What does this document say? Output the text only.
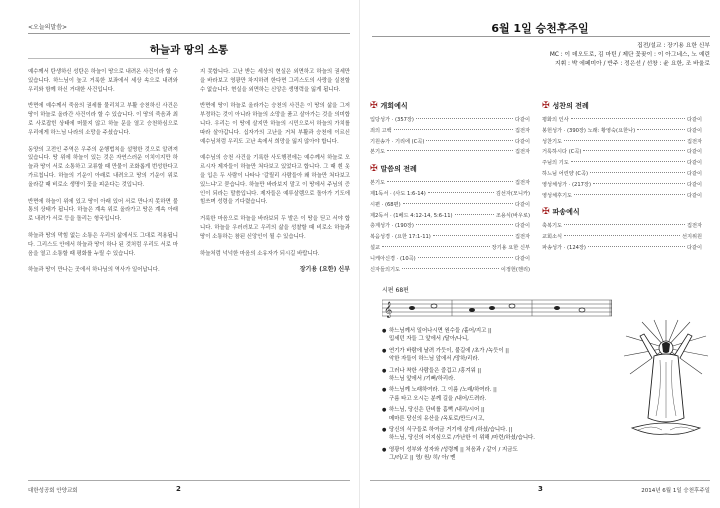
<오늘의말씀>
하늘과 땅의 소통

예수께서 탄생하신 성탄은 하늘이 땅으로 내려온 사건이라 할 수 있습니다. 하느님이 높고 거룩한 보좌에서 세상 속으로 내려와 우리와 함께 하신 거대한 사건입니다.

반면에 예수께서 죽음의 권세를 물리치고 부활 승천하신 사건은 땅이 하늘로 올라간 사건이라 할 수 있습니다. 이 땅의 죽음과 최로 사로잡힌 상태에 머물지 않고 하늘 문을 열고 승천하심으로 우리에게 하느님 나라의 소망을 주셨습니다.

동양의 고전인 주역은 우주의 운행법칙을 설명한 것으로 알려져 있습니다. 땅 위에 하늘이 있는 것은 자연스러운 이치이지만 하늘과 땅이 서로 소통하고 교류할 때 만물이 조화롭게 번성한다고 가르칩니다. 하늘의 기운이 아래로 내려오고 땅의 기운이 위로 올라갈 때 비로소 생명이 꽃을 피운다는 것입니다.

반면에 하늘이 위에 있고 땅이 아래 있어 서로 만나지 못하면 불통의 상태가 됩니다. 하늘은 계속 위로 올라가고 땅은 계속 아래로 내려가 서로 등을 돌리는 형국입니다.

하늘과 땅의 막힘 없는 소통은 우리의 삶에서도 그대로 적용됩니다. 그리스도 안에서 하늘과 땅이 하나 된 것처럼 우리도 서로 마음을 열고 소통할 때 평화를 누릴 수 있습니다.

하늘과 땅이 만나는 곳에서 하나님의 역사가 일어납니다.

지 못합니다. 고난 받는 세상의 현실은 외면하고 하늘의 권세만을 바라보고 영광만 차지하려 한다면 그리스도의 사랑을 실천할 수 없습니다. 현실을 외면하는 신앙은 생명력을 잃게 됩니다.

반면에 땅이 하늘로 올라가는 승천의 사건은 이 땅의 삶을 그저 부정하는 것이 아니라 하늘의 소망을 품고 살아가는 것을 의미합니다. 우리는 이 땅에 살지만 하늘의 시민으로서 하늘의 가치를 따라 살아갑니다. 십자가의 고난을 거쳐 부활과 승천에 이르신 예수님처럼 우리도 고난 속에서 희망을 잃지 않아야 합니다.

예수님의 승천 사건을 기록한 사도행전에는 예수께서 하늘로 오르시자 제자들이 하늘만 쳐다보고 있었다고 합니다. 그 때 흰 옷을 입은 두 사람이 나타나 '갈릴리 사람들아 왜 하늘만 쳐다보고 있느냐'고 묻습니다. 하늘만 바라보지 말고 이 땅에서 주님의 증인이 되라는 말씀입니다. 제자들은 예루살렘으로 돌아가 기도에 힘쓰며 성령을 기다렸습니다.

거룩한 마음으로 하늘을 바라보되 두 발은 이 땅을 딛고 서야 합니다. 하늘을 우러러보고 우리의 삶을 성찰할 때 비로소 하늘과 땅이 소통하는 참된 신앙인이 될 수 있습니다.

하늘처럼 넉넉한 마음의 소유자가 되시길 바랍니다.

장기용 (요한) 신부
대한성공회 안양교회	2
6월 1일 승천후주일
집전/설교 : 장기용 요한 신부
MC : 이 데오도로, 김 마틴 / 제단 꽃꽂이 : 이 아그네스, 노 예린
지휘 : 박 에페미아 / 반주 : 정은선 / 선창 : 윤 요한, 조 바울로
✠ 개회예식
입당성가 · (357장)	다같이
죄의 고백	집전자
기원송가 · 기리에 (C곡)	다같이
본기도	집전자
✠ 말씀의 전례
본기도	집전자
제1독서 · (사도 1:6-14)	김선자(모니카)
시편 · (68편)	다같이
제2독서 · (1베드 4:12-14, 5:6-11)	조용식(바우로)
층계성가 · (190장)	다같이
복음성경 · (요한 17:1-11)	집전자
설교	장기용 요한 신부
니케아신경 · (10곡)	다같이
신자들의기도	이정헌(헨리)
✠ 성찬의 전례
평화의 인사	다같이
봉헌성가 · (390장) 노래: 황영숙(요한나)	다같이
성찬기도	집전자
거룩하시다 (C곡)	다같이
주님의 기도	다같이
하느님 어린양 (C곡)	다같이
영성체성가 · (217장)	다같이
영성체후기도	다같이
✠ 파송예식
축복기도	집전자
교회소식	선지위원
파송성가 · (124장)	다같이
시편 68편
𝄞
● 하느님께서 일어나시면 원수들 /흩어/지고 ||
밉세던 자들 그 앞에서 /달아/나니,
● 연기가 바람에 날려 가듯이, 불길에 /초가 /녹듯이 ||
악한 자들이 하느님 앞에서 /망하/리라.
● 그러나 착한 사람들은 즐겁고 /흥겨워 ||
하느님 앞에서 /기뻐/하리라.
● 하느님께 노래하여라. 그 이름 /노래/하여라. ||
구름 타고 오시는 분께 길을 /내어/드려라.
● 하느님, 당신은 단비를 흠뻑 /내리/시어 ||
메마른 당신의 유산을 /옥토로/만드/시고,
● 당신의 식구들로 하여금 거기에 살게 /하셨/습니다. ||
하느님, 당신의 어지심으로 /가난한 이 위해 /마련/하셨/습니다.
● 영광이 성부와 성자와 /성령께 || 처음과 / 같이 / 지금도
그/러/고 || 영/ 원/ 히/ 아/ 멘
3	2014년 6월 1일 승천후주일
